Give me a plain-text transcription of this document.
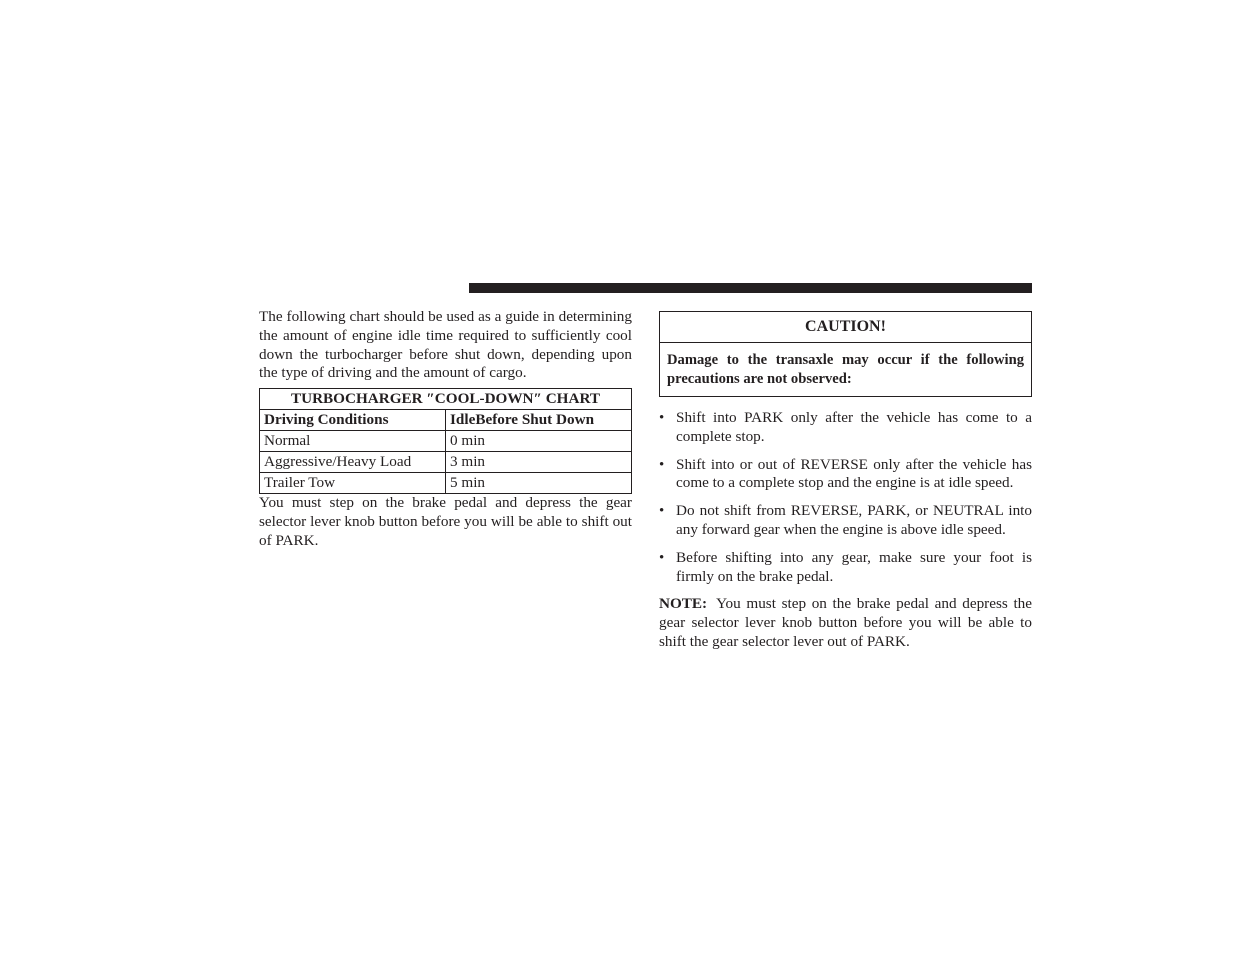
The following chart should be used as a guide in determining the amount of engine idle time required to sufficiently cool down the turbocharger before shut down, depending upon the type of driving and the amount of cargo.

TURBOCHARGER ″COOL-DOWN″ CHART	
Driving Conditions	IdleBefore Shut Down
Normal	0 min
Aggressive/Heavy Load	3 min
Trailer Tow	5 min

You must step on the brake pedal and depress the gear selector lever knob button before you will be able to shift out of PARK.

CAUTION!
Damage to the transaxle may occur if the following precautions are not observed:
• Shift into PARK only after the vehicle has come to a complete stop.
• Shift into or out of REVERSE only after the vehicle has come to a complete stop and the engine is at idle speed.
• Do not shift from REVERSE, PARK, or NEUTRAL into any forward gear when the engine is above idle speed.
• Before shifting into any gear, make sure your foot is firmly on the brake pedal.

NOTE: You must step on the brake pedal and depress the gear selector lever knob button before you will be able to shift the gear selector lever out of PARK.
